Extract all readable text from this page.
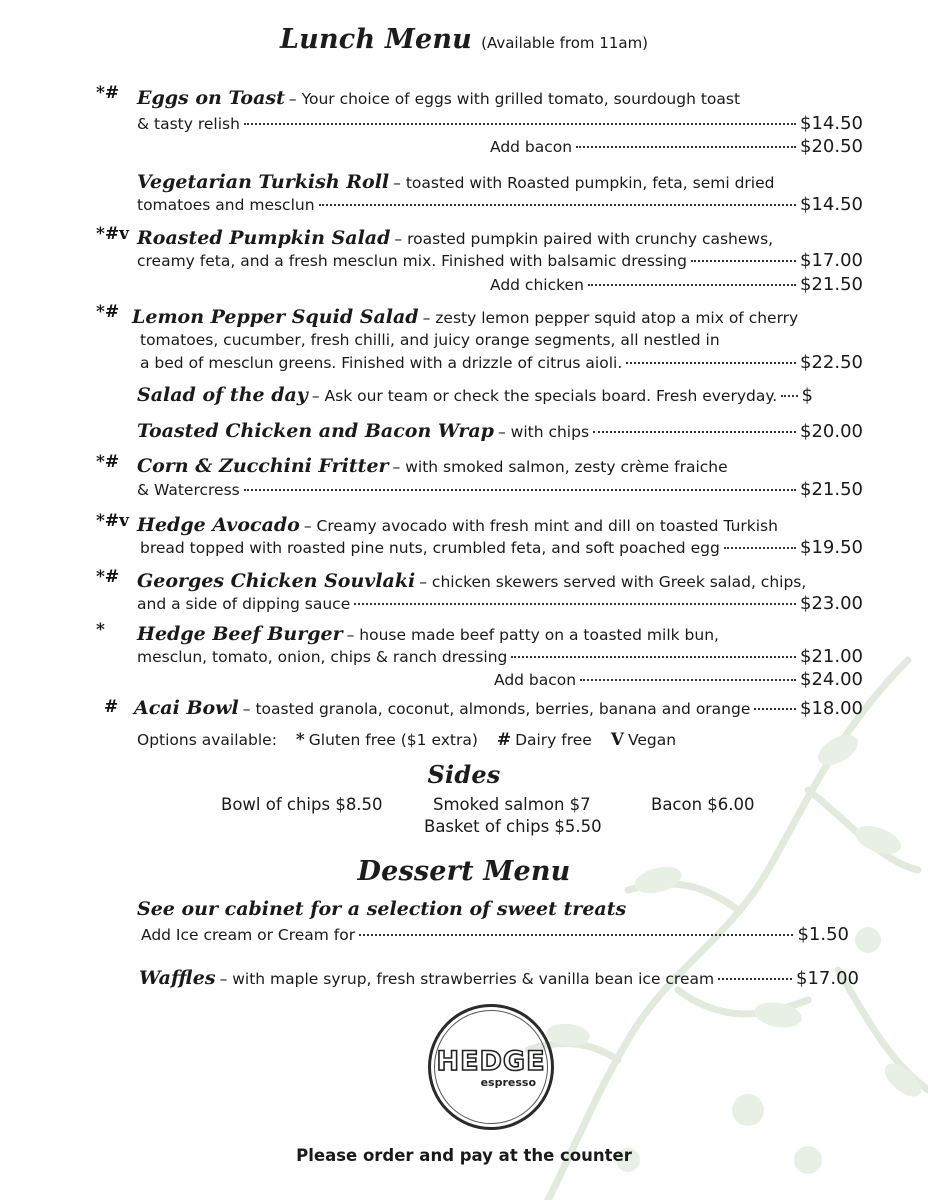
Lunch Menu (Available from 11am)
*# Eggs on Toast – Your choice of eggs with grilled tomato, sourdough toast
& tasty relish	$14.50
Add bacon	$20.50
Vegetarian Turkish Roll – toasted with Roasted pumpkin, feta, semi dried
tomatoes and mesclun	$14.50
*#v Roasted Pumpkin Salad – roasted pumpkin paired with crunchy cashews,
creamy feta, and a fresh mesclun mix. Finished with balsamic dressing	$17.00
Add chicken	$21.50
*# Lemon Pepper Squid Salad – zesty lemon pepper squid atop a mix of cherry
tomatoes, cucumber, fresh chilli, and juicy orange segments, all nestled in
a bed of mesclun greens. Finished with a drizzle of citrus aioli.	$22.50
Salad of the day – Ask our team or check the specials board. Fresh everyday. $
Toasted Chicken and Bacon Wrap – with chips	$20.00
*# Corn & Zucchini Fritter – with smoked salmon, zesty crème fraiche
& Watercress	$21.50
*#v Hedge Avocado – Creamy avocado with fresh mint and dill on toasted Turkish
bread topped with roasted pine nuts, crumbled feta, and soft poached egg	$19.50
*# Georges Chicken Souvlaki – chicken skewers served with Greek salad, chips,
and a side of dipping sauce	$23.00
* Hedge Beef Burger – house made beef patty on a toasted milk bun,
mesclun, tomato, onion, chips & ranch dressing	$21.00
Add bacon	$24.00
# Acai Bowl – toasted granola, coconut, almonds, berries, banana and orange	$18.00
Options available: * Gluten free ($1 extra) # Dairy free V Vegan
Sides
Bowl of chips $8.50	Smoked salmon $7	Bacon $6.00
Basket of chips $5.50
Dessert Menu
See our cabinet for a selection of sweet treats
Add Ice cream or Cream for	$1.50
Waffles – with maple syrup, fresh strawberries & vanilla bean ice cream	$17.00
HEDGE
espresso
Please order and pay at the counter
